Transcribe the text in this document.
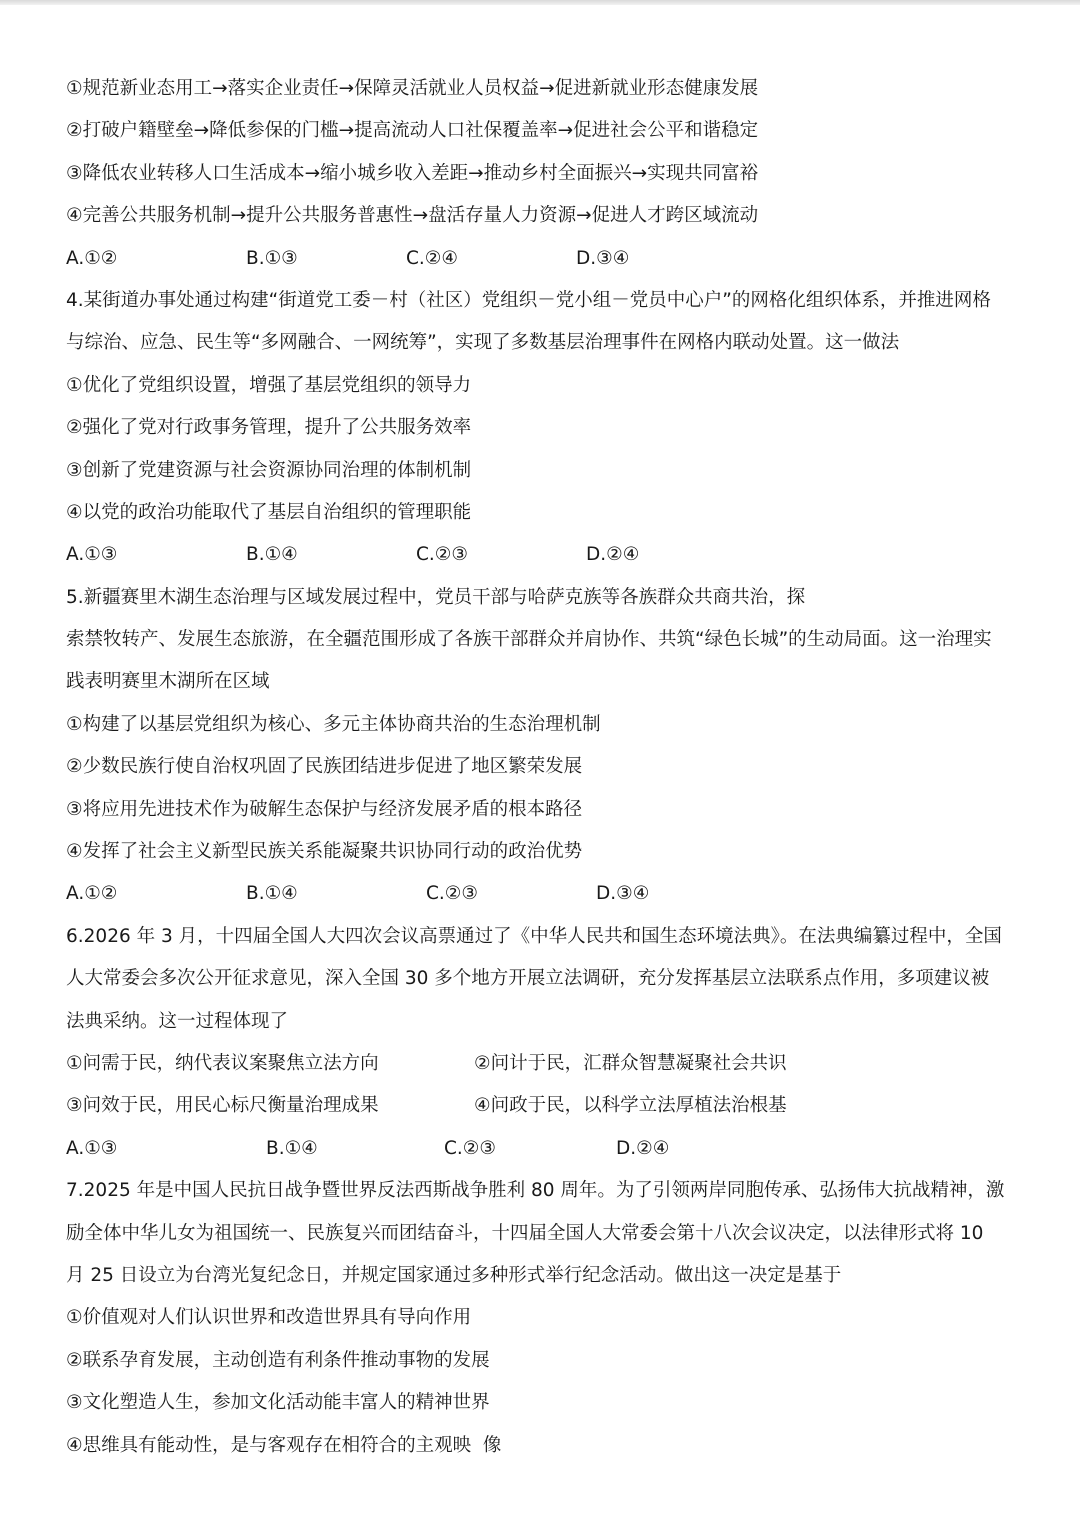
①规范新业态用工→落实企业责任→保障灵活就业人员权益→促进新就业形态健康发展
②打破户籍壁垒→降低参保的门槛→提高流动人口社保覆盖率→促进社会公平和谐稳定
③降低农业转移人口生活成本→缩小城乡收入差距→推动乡村全面振兴→实现共同富裕
④完善公共服务机制→提升公共服务普惠性→盘活存量人力资源→促进人才跨区域流动
A.①②	B.①③	C.②④	D.③④
4.某街道办事处通过构建“街道党工委－村（社区）党组织－党小组－党员中心户”的网格化组织体系，并推进网格
与综治、应急、民生等“多网融合、一网统筹”，实现了多数基层治理事件在网格内联动处置。这一做法
①优化了党组织设置，增强了基层党组织的领导力
②强化了党对行政事务管理，提升了公共服务效率
③创新了党建资源与社会资源协同治理的体制机制
④以党的政治功能取代了基层自治组织的管理职能
A.①③	B.①④	C.②③	D.②④
5.新疆赛里木湖生态治理与区域发展过程中，党员干部与哈萨克族等各族群众共商共治，探
索禁牧转产、发展生态旅游，在全疆范围形成了各族干部群众并肩协作、共筑“绿色长城”的生动局面。这一治理实
践表明赛里木湖所在区域
①构建了以基层党组织为核心、多元主体协商共治的生态治理机制
②少数民族行使自治权巩固了民族团结进步促进了地区繁荣发展
③将应用先进技术作为破解生态保护与经济发展矛盾的根本路径
④发挥了社会主义新型民族关系能凝聚共识协同行动的政治优势
A.①②	B.①④	C.②③	D.③④
6.2026 年 3 月，十四届全国人大四次会议高票通过了《中华人民共和国生态环境法典》。在法典编纂过程中，全国
人大常委会多次公开征求意见，深入全国 30 多个地方开展立法调研，充分发挥基层立法联系点作用，多项建议被
法典采纳。这一过程体现了
①问需于民，纳代表议案聚焦立法方向	②问计于民，汇群众智慧凝聚社会共识
③问效于民，用民心标尺衡量治理成果	④问政于民，以科学立法厚植法治根基
A.①③	B.①④	C.②③	D.②④
7.2025 年是中国人民抗日战争暨世界反法西斯战争胜利 80 周年。为了引领两岸同胞传承、弘扬伟大抗战精神，激
励全体中华儿女为祖国统一、民族复兴而团结奋斗，十四届全国人大常委会第十八次会议决定，以法律形式将 10
月 25 日设立为台湾光复纪念日，并规定国家通过多种形式举行纪念活动。做出这一决定是基于
①价值观对人们认识世界和改造世界具有导向作用
②联系孕育发展，主动创造有利条件推动事物的发展
③文化塑造人生，参加文化活动能丰富人的精神世界
④思维具有能动性，是与客观存在相符合的主观映  像
